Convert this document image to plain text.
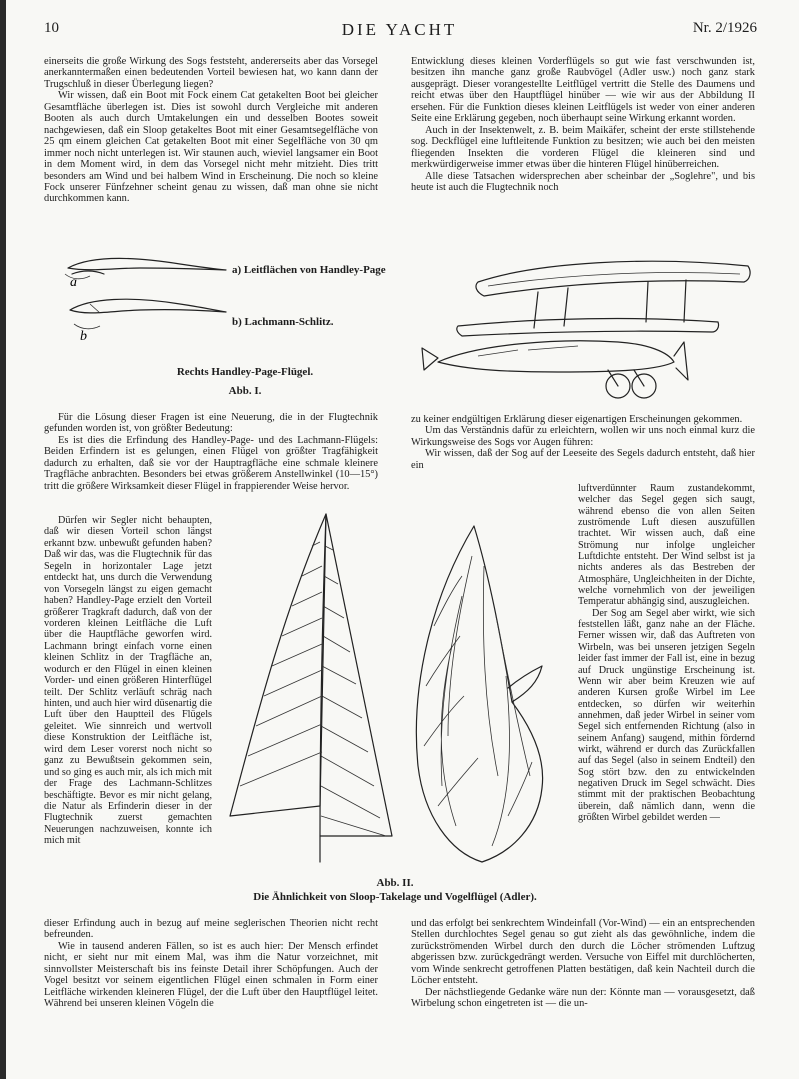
10	DIE YACHT	Nr. 2/1926

einerseits die große Wirkung des Sogs feststeht, andererseits aber das Vorsegel anerkanntermaßen einen bedeutenden Vorteil bewiesen hat, wo kann dann der Trugschluß in dieser Überlegung liegen?

Wir wissen, daß ein Boot mit Fock einem Cat getakelten Boot bei gleicher Gesamtfläche überlegen ist. Dies ist sowohl durch Vergleiche mit anderen Booten als auch durch Umtakelungen ein und desselben Bootes soweit nachgewiesen, daß ein Sloop getakeltes Boot mit einer Gesamtsegelfläche von 25 qm einem gleichen Cat getakelten Boot mit einer Segelfläche von 30 qm immer noch nicht unterlegen ist. Wir staunen auch, wieviel langsamer ein Boot in dem Moment wird, in dem das Vorsegel nicht mehr mitzieht. Dies tritt besonders am Wind und bei halbem Wind in Erscheinung. Die noch so kleine Fock unserer Fünfzehner scheint genau zu wissen, daß man ohne sie nicht durchkommen kann.

Entwicklung dieses kleinen Vorderflügels so gut wie fast verschwunden ist, besitzen ihn manche ganz große Raubvögel (Adler usw.) noch ganz stark ausgeprägt. Dieser vorangestellte Leitflügel vertritt die Stelle des Daumens und reicht etwas über den Hauptflügel hinüber — wie wir aus der Abbildung II ersehen. Für die Funktion dieses kleinen Leitflügels ist weder von einer anderen Seite eine Erklärung gegeben, noch überhaupt seine Wirkung erkannt worden.

Auch in der Insektenwelt, z. B. beim Maikäfer, scheint der erste stillstehende sog. Deckflügel eine luftleitende Funktion zu besitzen; wie auch bei den meisten fliegenden Insekten die vorderen Flügel die kleineren sind und merkwürdigerweise immer etwas über die hinteren Flügel hinüberreichen.

Alle diese Tatsachen widersprechen aber scheinbar der „Soglehre", und bis heute ist auch die Flugtechnik noch

a
b
a) Leitflächen von Handley-Page
b) Lachmann-Schlitz.
Rechts Handley-Page-Flügel.
Abb. I.

Für die Lösung dieser Fragen ist eine Neuerung, die in der Flugtechnik gefunden worden ist, von größter Bedeutung:

Es ist dies die Erfindung des Handley-Page- und des Lachmann-Flügels: Beiden Erfindern ist es gelungen, einen Flügel von größter Tragfähigkeit dadurch zu erhalten, daß sie vor der Hauptragfläche eine schmale kleinere Tragfläche anbrachten. Besonders bei etwas größerem Anstellwinkel (10—15°) tritt die größere Wirksamkeit dieser Flügel in frappierender Weise hervor.

Dürfen wir Segler nicht behaupten, daß wir diesen Vorteil schon längst erkannt bzw. unbewußt gefunden haben? Daß wir das, was die Flugtechnik für das Segeln in horizontaler Lage jetzt entdeckt hat, uns durch die Verwendung von Vorsegeln längst zu eigen gemacht haben? Handley-Page erzielt den Vorteil größerer Tragkraft dadurch, daß von der vorderen kleinen Leitfläche die Luft über die Hauptfläche geworfen wird. Lachmann bringt einfach vorne einen kleinen Schlitz in der Tragfläche an, wodurch er den Flügel in einen kleinen Vorder- und einen größeren Hinterflügel teilt. Der Schlitz verläuft schräg nach hinten, und auch hier wird düsenartig die Luft über den Hauptteil des Flügels geleitet. Wie sinnreich und wertvoll diese Konstruktion der Leitfläche ist, wird dem Leser vorerst noch nicht so ganz zu Bewußtsein gekommen sein, und so ging es auch mir, als ich mich mit der Frage des Lachmann-Schlitzes beschäftigte. Bevor es mir nicht gelang, die Natur als Erfinderin dieser in der Flugtechnik zuerst gemachten Neuerungen nachzuweisen, konnte ich mich mit

zu keiner endgültigen Erklärung dieser eigenartigen Erscheinungen gekommen.

Um das Verständnis dafür zu erleichtern, wollen wir uns noch einmal kurz die Wirkungsweise des Sogs vor Augen führen:

Wir wissen, daß der Sog auf der Leeseite des Segels dadurch entsteht, daß hier ein

luftverdünnter Raum zustandekommt, welcher das Segel gegen sich saugt, während ebenso die von allen Seiten zuströmende Luft diesen auszufüllen trachtet. Wir wissen auch, daß eine Strömung nur infolge ungleicher Luftdichte entsteht. Der Wind selbst ist ja nichts anderes als das Bestreben der Atmosphäre, Ungleichheiten in der Dichte, welche vornehmlich von der jeweiligen Temperatur abhängig sind, auszugleichen.

Der Sog am Segel aber wirkt, wie sich feststellen läßt, ganz nahe an der Fläche. Ferner wissen wir, daß das Auftreten von Wirbeln, was bei unseren jetzigen Segeln leider fast immer der Fall ist, eine in bezug auf Druck ungünstige Erscheinung ist. Wenn wir aber beim Kreuzen wie auf anderen Kursen große Wirbel im Lee entdecken, so dürfen wir weiterhin annehmen, daß jeder Wirbel in seiner vom Segel sich entfernenden Richtung (also in seinem Anfang) saugend, mithin fördernd wirkt, während er durch das Zurückfallen auf das Segel (also in seinem Endteil) den Sog stört bzw. den zu entwickelnden negativen Druck im Segel schwächt. Dies stimmt mit der praktischen Beobachtung überein, daß nämlich dann, wenn die größten Wirbel gebildet werden —

Abb. II.
Die Ähnlichkeit von Sloop-Takelage und Vogelflügel (Adler).

dieser Erfindung auch in bezug auf meine seglerischen Theorien nicht recht befreunden.

Wie in tausend anderen Fällen, so ist es auch hier: Der Mensch erfindet nicht, er sieht nur mit einem Mal, was ihm die Natur vorzeichnet, mit sinnvollster Meisterschaft bis ins feinste Detail ihrer Schöpfungen. Auch der Vogel besitzt vor seinem eigentlichen Flügel einen schmalen in Form einer Leitfläche wirkenden kleineren Flügel, der die Luft über den Hauptflügel leitet. Während bei unseren kleinen Vögeln die

und das erfolgt bei senkrechtem Windeinfall (Vor-Wind) — ein an entsprechenden Stellen durchlochtes Segel genau so gut zieht als das gewöhnliche, indem die zurückströmenden Wirbel durch den durch die Löcher strömenden Luftzug abgerissen bzw. zurückgedrängt werden. Versuche von Eiffel mit durchlöcherten, vom Winde senkrecht getroffenen Platten bestätigen, daß kein Nachteil durch die Löcher entsteht.

Der nächstliegende Gedanke wäre nun der: Könnte man — vorausgesetzt, daß Wirbelung schon eingetreten ist — die un-
